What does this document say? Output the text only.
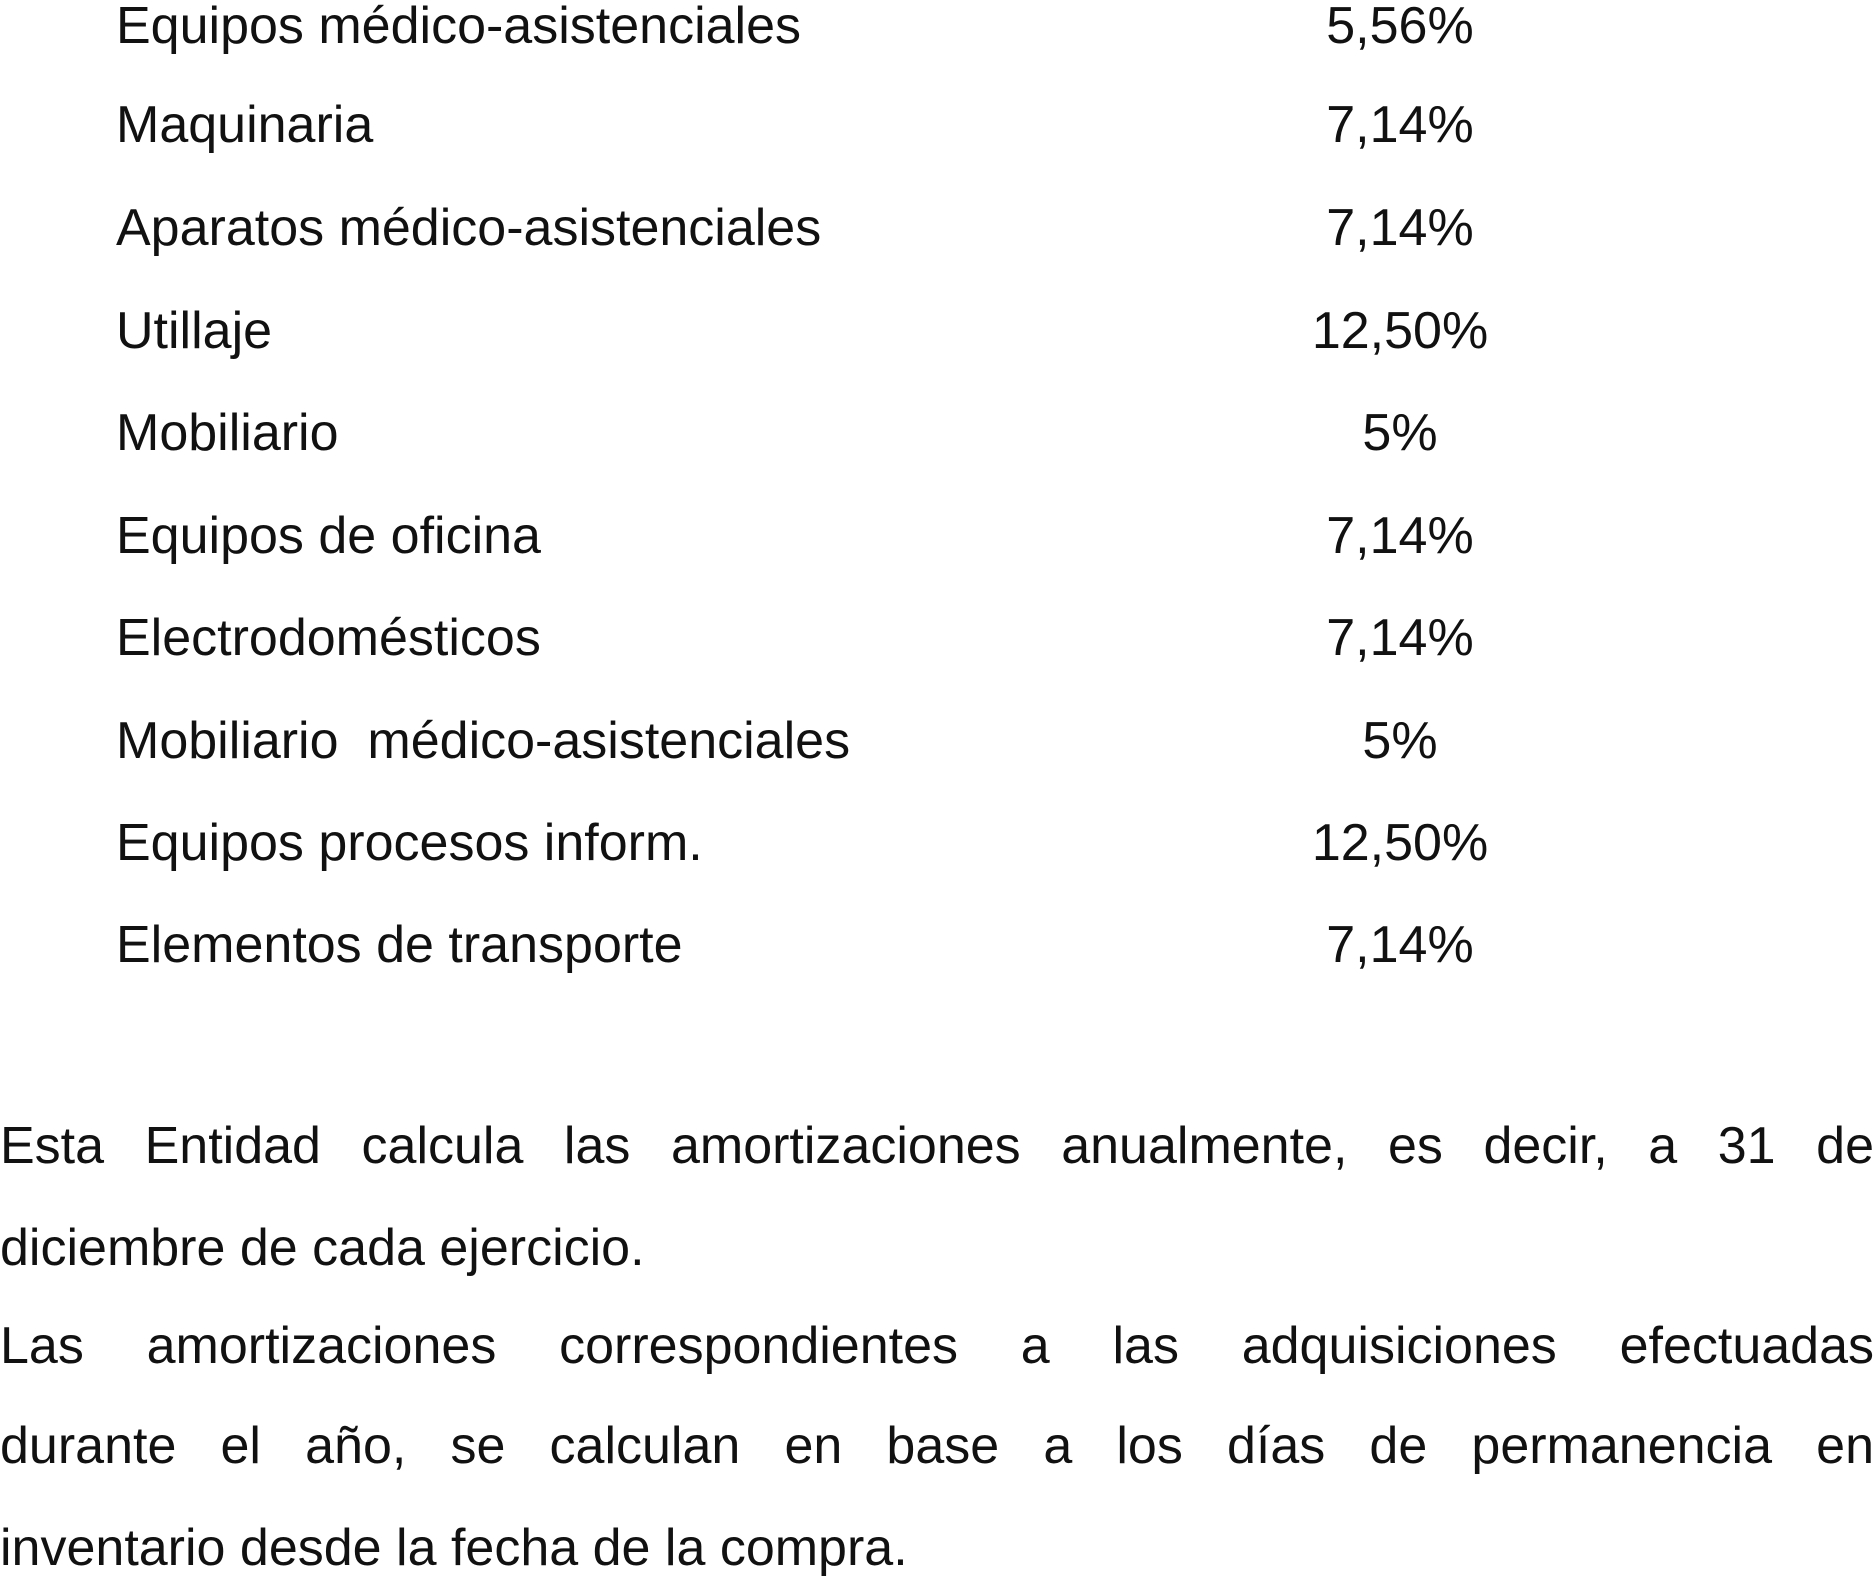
Equipos médico-asistenciales	5,56%
Maquinaria	7,14%
Aparatos médico-asistenciales	7,14%
Utillaje	12,50%
Mobiliario	5%
Equipos de oficina	7,14%
Electrodomésticos	7,14%
Mobiliario  médico-asistenciales	5%
Equipos procesos inform.	12,50%
Elementos de transporte	7,14%
Esta Entidad calcula las amortizaciones anualmente, es decir, a 31 de
diciembre de cada ejercicio.
Las amortizaciones correspondientes a las adquisiciones efectuadas
durante el año, se calculan en base a los días de permanencia en
inventario desde la fecha de la compra.
